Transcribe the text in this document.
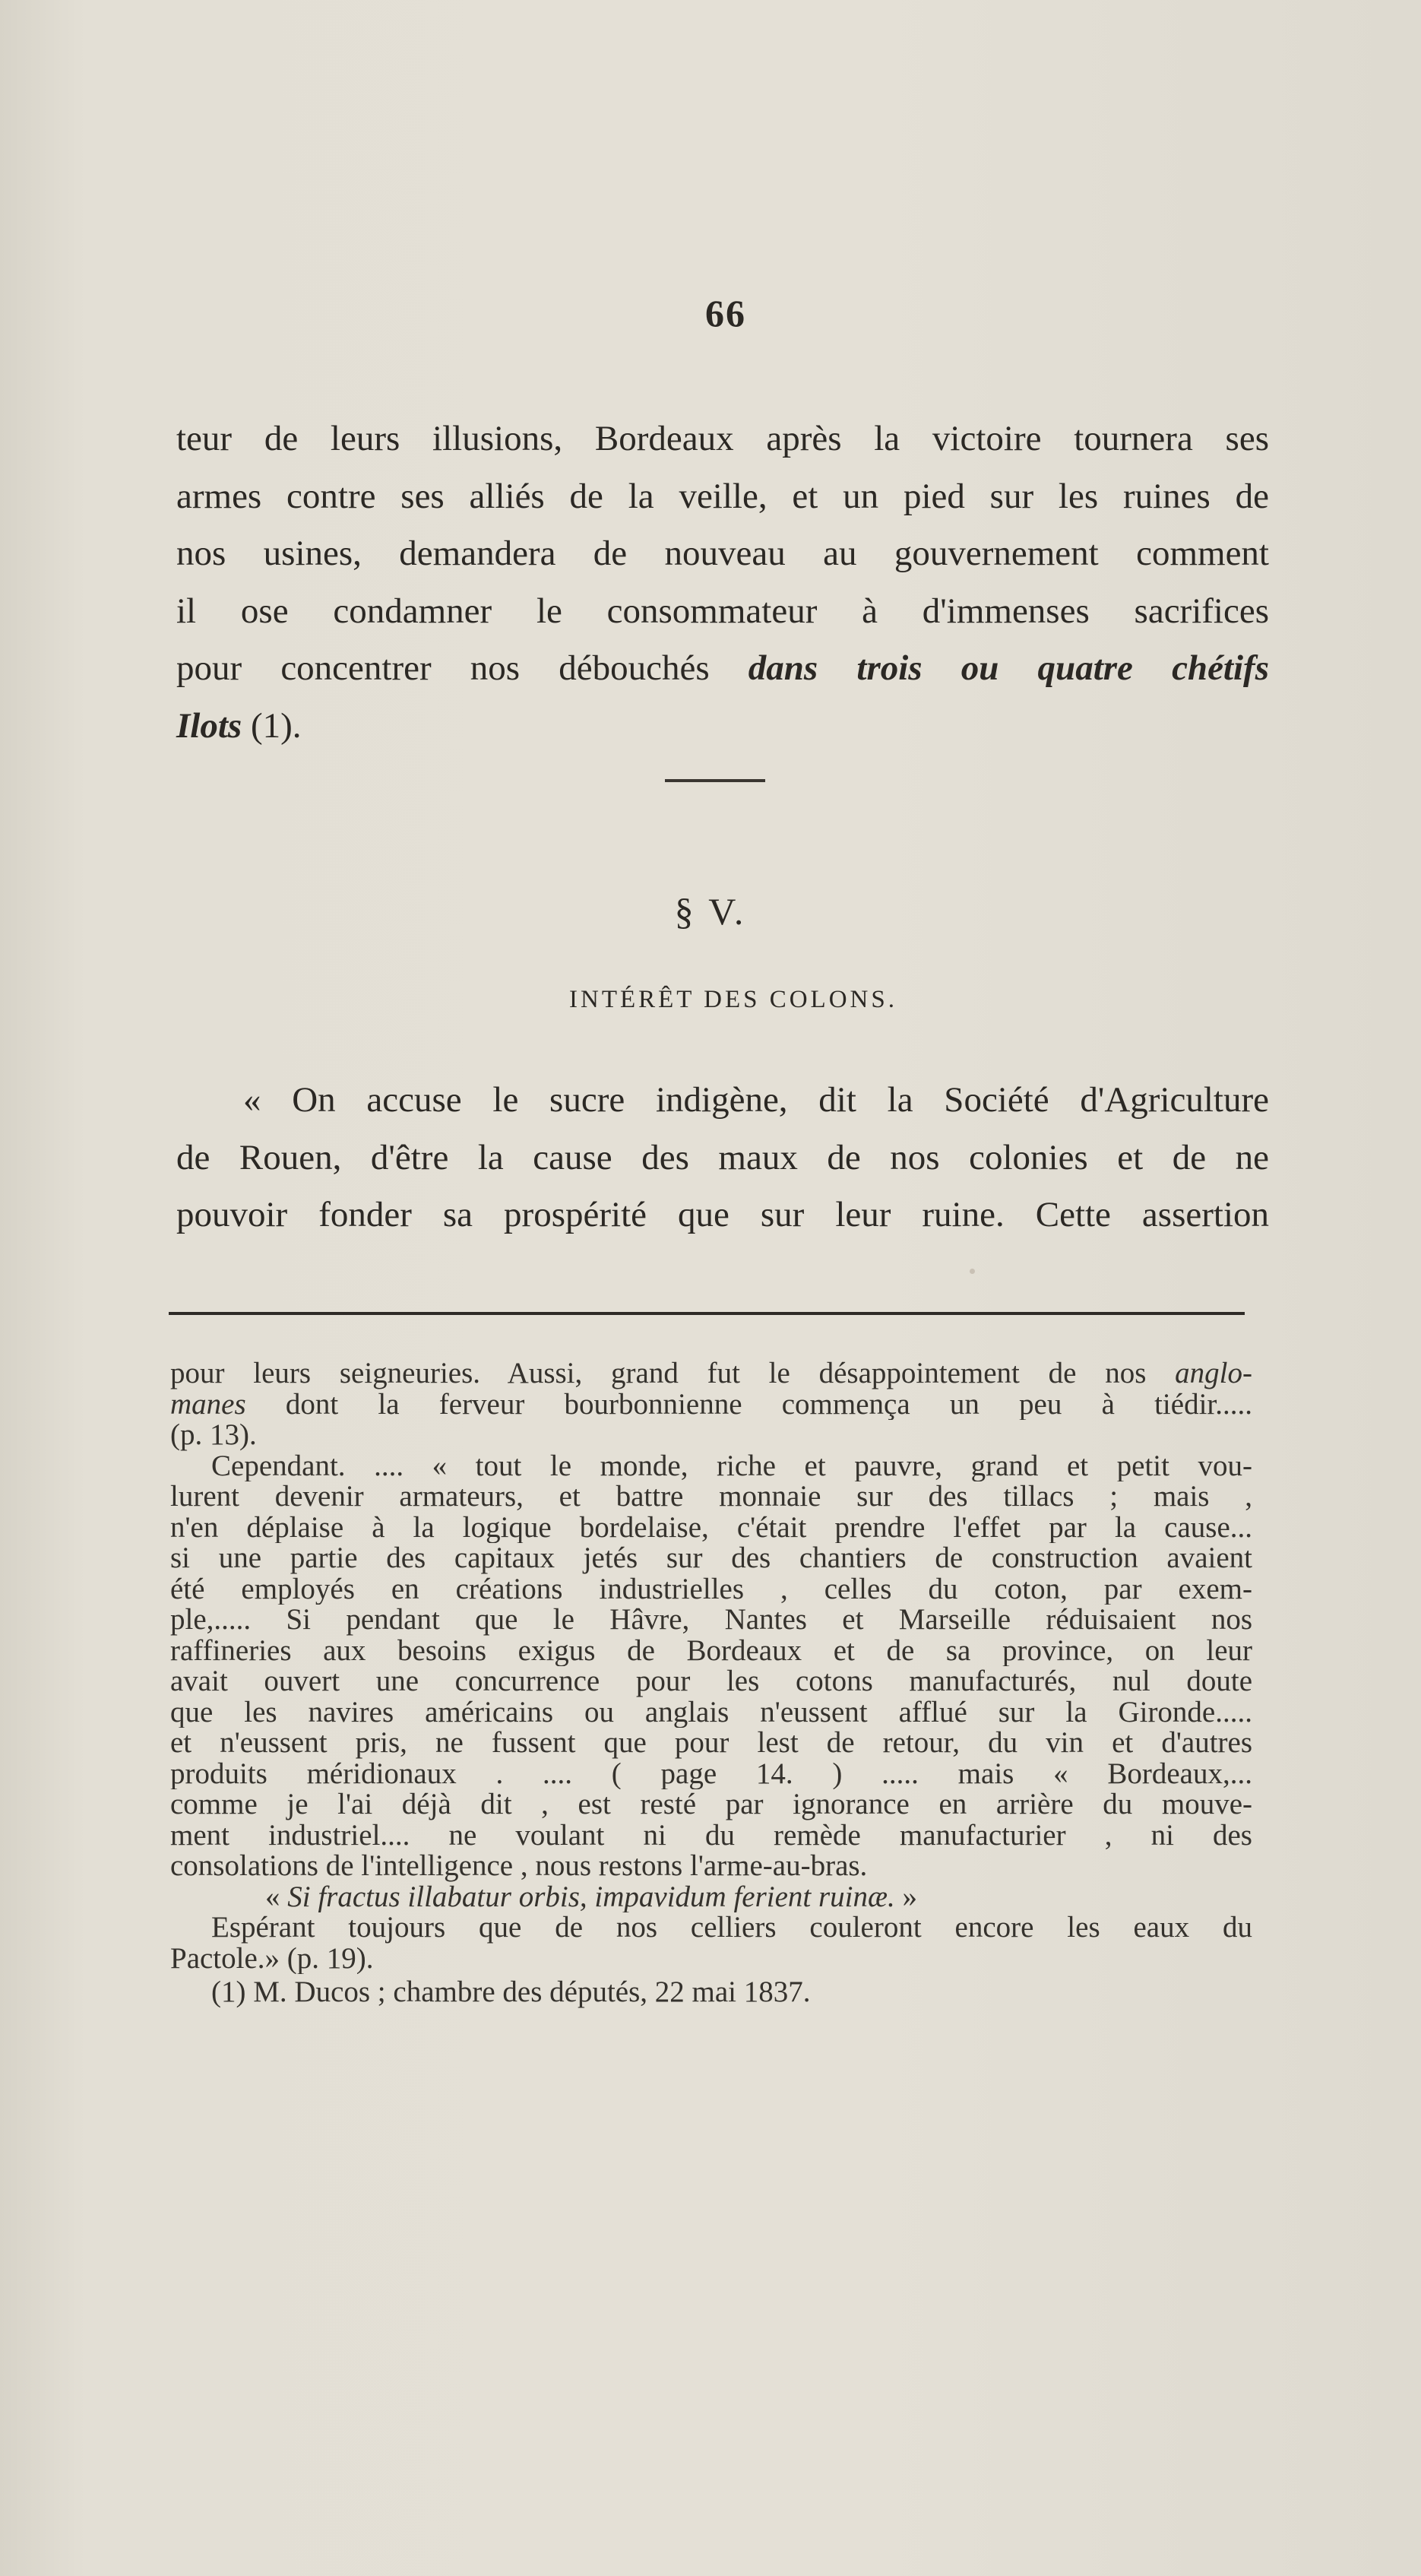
66
teur de leurs illusions, Bordeaux après la victoire tournera ses
armes contre ses alliés de la veille, et un pied sur les ruines de
nos usines, demandera de nouveau au gouvernement comment
il ose condamner le consommateur à d'immenses sacrifices
pour concentrer nos débouchés dans trois ou quatre chétifs
Ilots (1).
§ V.
INTÉRÊT DES COLONS.
« On accuse le sucre indigène, dit la Société d'Agriculture
de Rouen, d'être la cause des maux de nos colonies et de ne
pouvoir fonder sa prospérité que sur leur ruine. Cette assertion
pour leurs seigneuries. Aussi, grand fut le désappointement de nos anglo-
manes dont la ferveur bourbonnienne commença un peu à tiédir.....
(p. 13).
Cependant. .... « tout le monde, riche et pauvre, grand et petit vou-
lurent devenir armateurs, et battre monnaie sur des tillacs ; mais ,
n'en déplaise à la logique bordelaise, c'était prendre l'effet par la cause...
si une partie des capitaux jetés sur des chantiers de construction avaient
été employés en créations industrielles , celles du coton, par exem-
ple,..... Si pendant que le Hâvre, Nantes et Marseille réduisaient nos
raffineries aux besoins exigus de Bordeaux et de sa province, on leur
avait ouvert une concurrence pour les cotons manufacturés, nul doute
que les navires américains ou anglais n'eussent afflué sur la Gironde.....
et n'eussent pris, ne fussent que pour lest de retour, du vin et d'autres
produits méridionaux . .... ( page 14. ) ..... mais « Bordeaux,...
comme je l'ai déjà dit , est resté par ignorance en arrière du mouve-
ment industriel.... ne voulant ni du remède manufacturier , ni des
consolations de l'intelligence , nous restons l'arme-au-bras.
« Si fractus illabatur orbis, impavidum ferient ruinæ. »
Espérant toujours que de nos celliers couleront encore les eaux du
Pactole.» (p. 19).
(1) M. Ducos ; chambre des députés, 22 mai 1837.
